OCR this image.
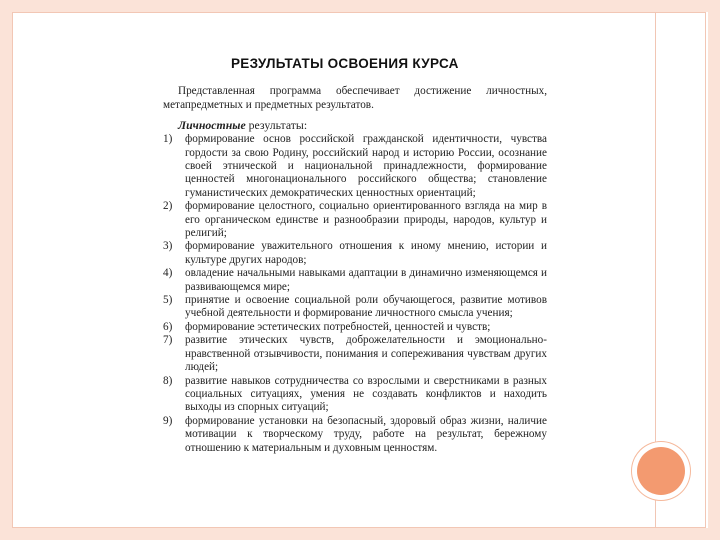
РЕЗУЛЬТАТЫ ОСВОЕНИЯ КУРСА

Представленная программа обеспечивает достижение личностных, метапредметных и предметных результатов.

Личностные результаты:

1) формирование основ российской гражданской идентичности, чувства гордости за свою Родину, российский народ и историю России, осознание своей этнической и национальной принадлежности, формирование ценностей многонационального российского общества; становление гуманистических демократических ценностных ориентаций;
2) формирование целостного, социально ориентированного взгляда на мир в его органическом единстве и разнообразии природы, народов, культур и религий;
3) формирование уважительного отношения к иному мнению, истории и культуре других народов;
4) овладение начальными навыками адаптации в динамично изменяющемся и развивающемся мире;
5) принятие и освоение социальной роли обучающегося, развитие мотивов учебной деятельности и формирование личностного смысла учения;
6) формирование эстетических потребностей, ценностей и чувств;
7) развитие этических чувств, доброжелательности и эмоционально-нравственной отзывчивости, понимания и сопереживания чувствам других людей;
8) развитие навыков сотрудничества со взрослыми и сверстниками в разных социальных ситуациях, умения не создавать конфликтов и находить выходы из спорных ситуаций;
9) формирование установки на безопасный, здоровый образ жизни, наличие мотивации к творческому труду, работе на результат, бережному отношению к материальным и духовным ценностям.
